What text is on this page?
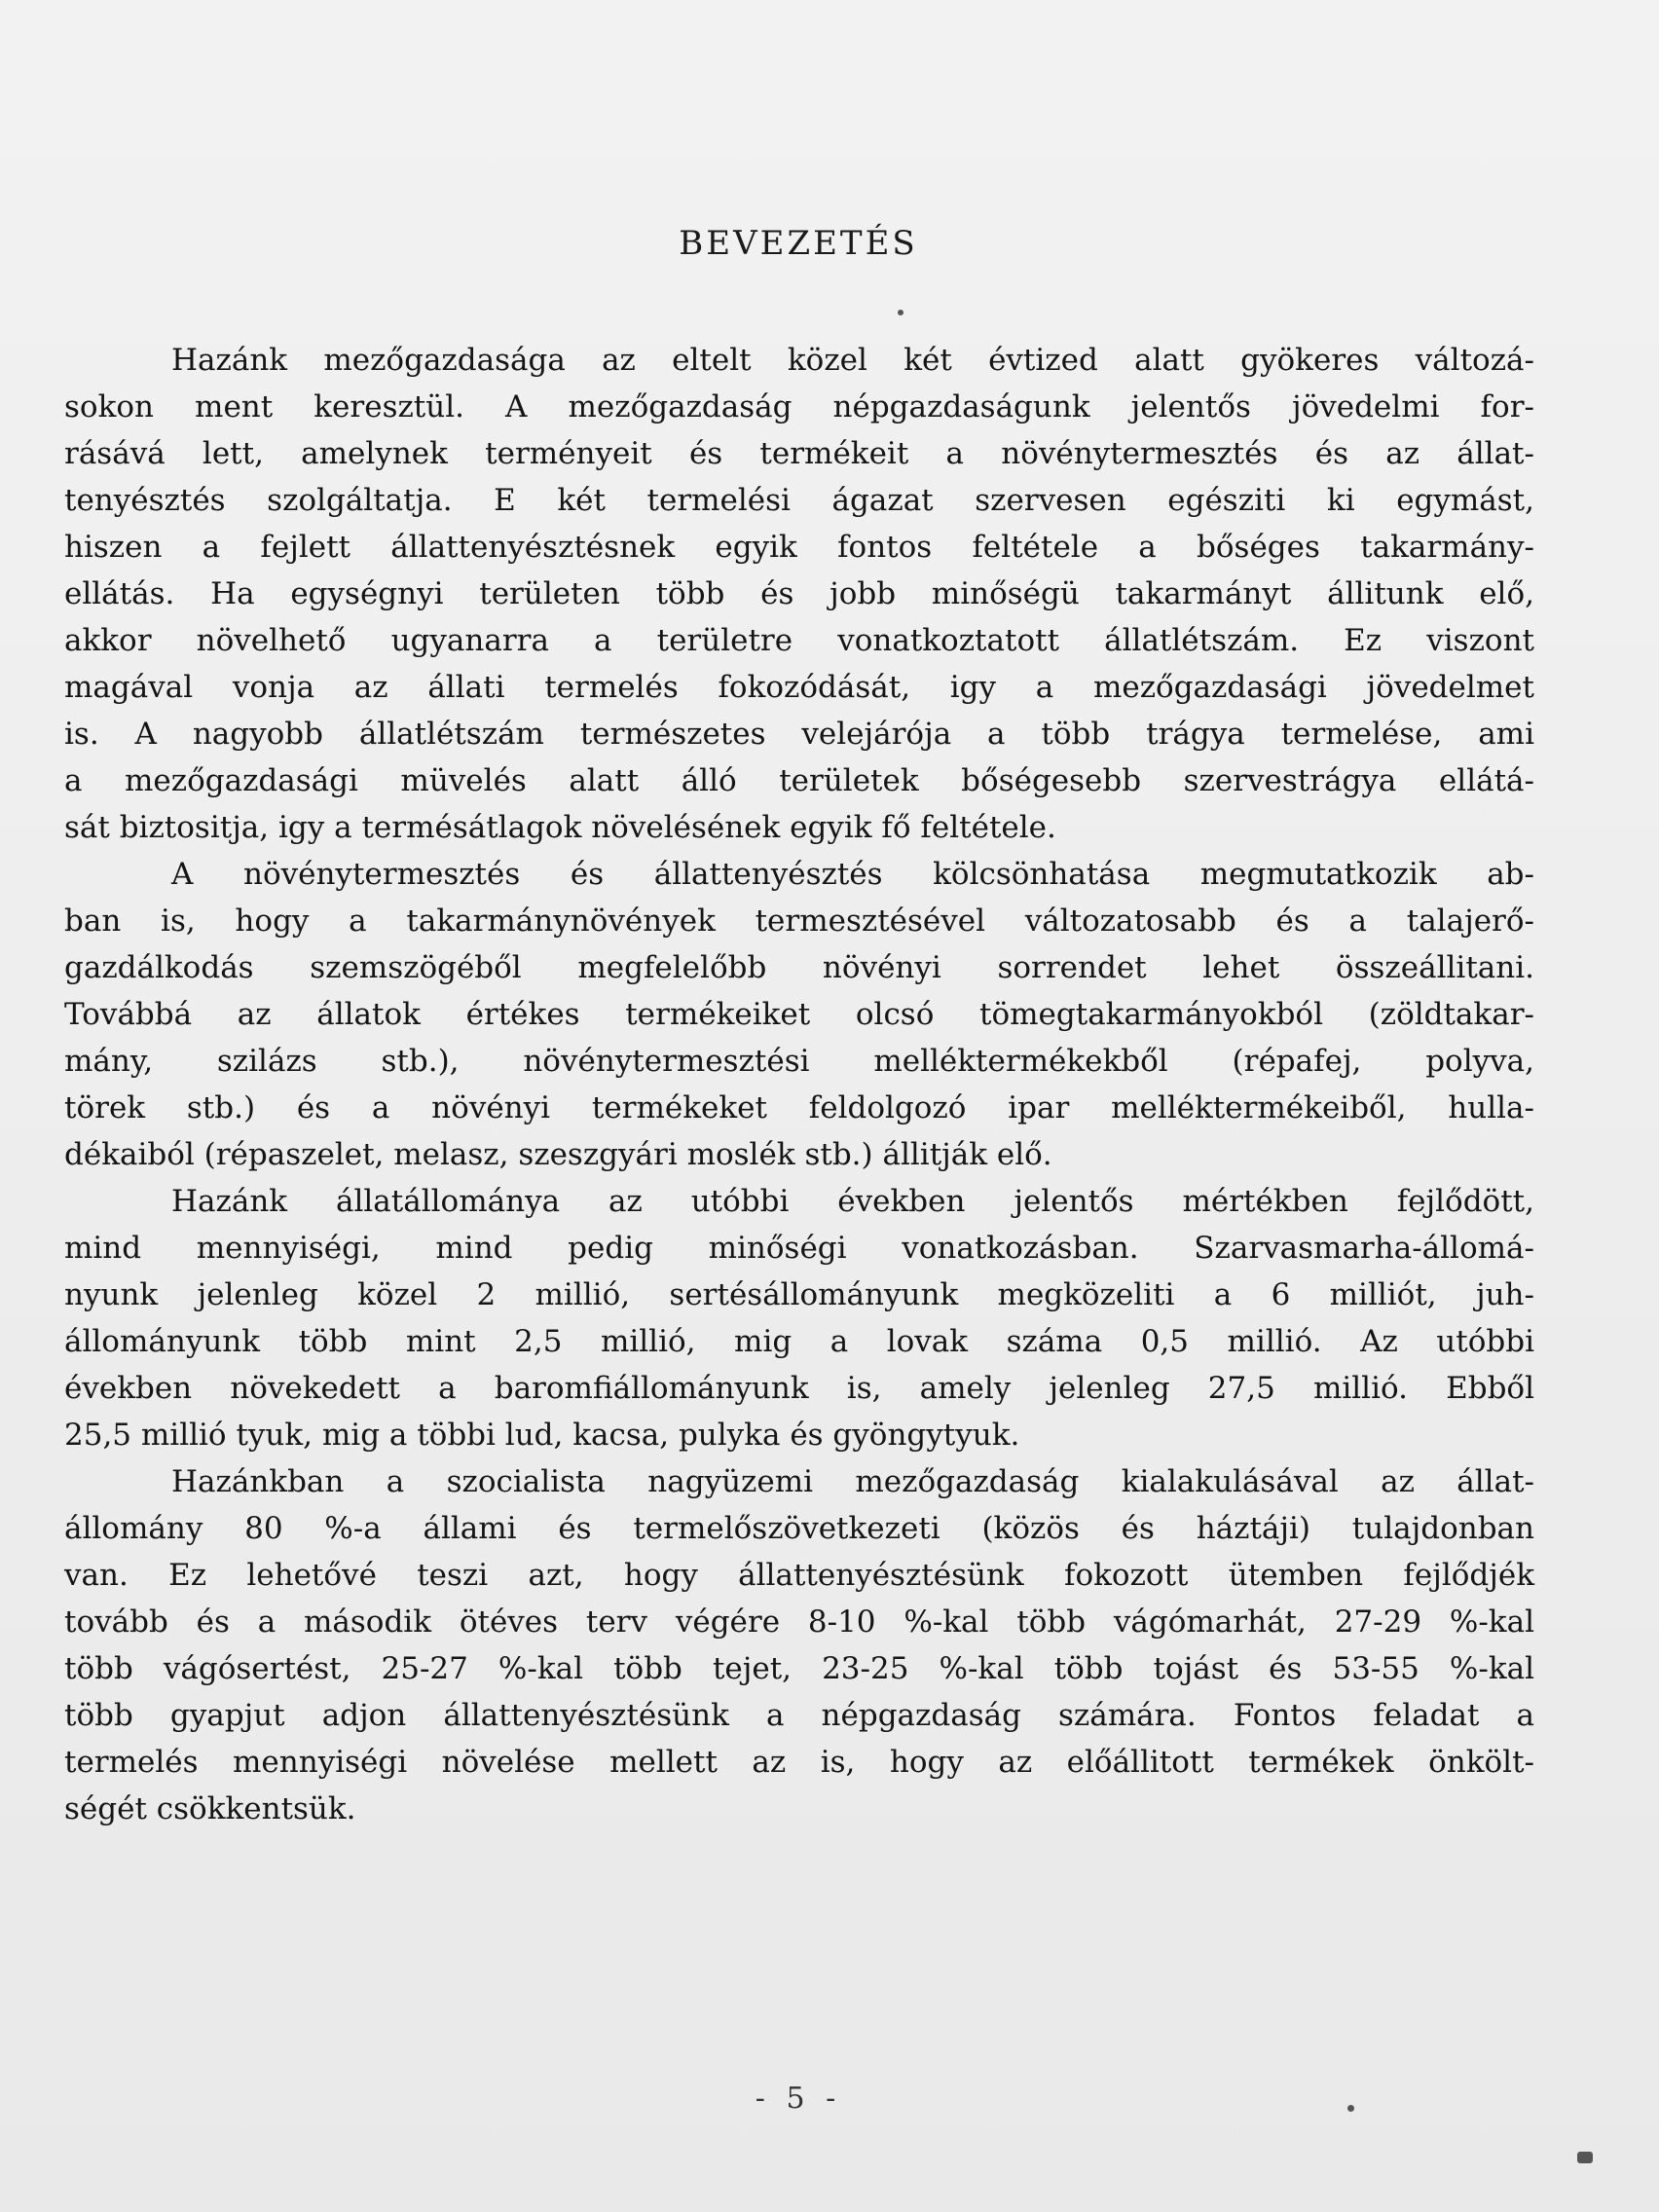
BEVEZETÉS
Hazánk mezőgazdasága az eltelt közel két évtized alatt gyökeres változá-
sokon ment keresztül. A mezőgazdaság népgazdaságunk jelentős jövedelmi for-
rásává lett, amelynek terményeit és termékeit a növénytermesztés és az állat-
tenyésztés szolgáltatja. E két termelési ágazat szervesen egésziti ki egymást,
hiszen a fejlett állattenyésztésnek egyik fontos feltétele a bőséges takarmány-
ellátás. Ha egységnyi területen több és jobb minőségü takarmányt állitunk elő,
akkor növelhető ugyanarra a területre vonatkoztatott állatlétszám. Ez viszont
magával vonja az állati termelés fokozódását, igy a mezőgazdasági jövedelmet
is. A nagyobb állatlétszám természetes velejárója a több trágya termelése, ami
a mezőgazdasági müvelés alatt álló területek bőségesebb szervestrágya ellátá-
sát biztositja, igy a termésátlagok növelésének egyik fő feltétele.
A növénytermesztés és állattenyésztés kölcsönhatása megmutatkozik ab-
ban is, hogy a takarmánynövények termesztésével változatosabb és a talajerő-
gazdálkodás szemszögéből megfelelőbb növényi sorrendet lehet összeállitani.
Továbbá az állatok értékes termékeiket olcsó tömegtakarmányokból (zöldtakar-
mány, szilázs stb.), növénytermesztési melléktermékekből (répafej, polyva,
törek stb.) és a növényi termékeket feldolgozó ipar melléktermékeiből, hulla-
dékaiból (répaszelet, melasz, szeszgyári moslék stb.) állitják elő.
Hazánk állatállománya az utóbbi években jelentős mértékben fejlődött,
mind mennyiségi, mind pedig minőségi vonatkozásban. Szarvasmarha-állomá-
nyunk jelenleg közel 2 millió, sertésállományunk megközeliti a 6 milliót, juh-
állományunk több mint 2,5 millió, mig a lovak száma 0,5 millió. Az utóbbi
években növekedett a baromfiállományunk is, amely jelenleg 27,5 millió. Ebből
25,5 millió tyuk, mig a többi lud, kacsa, pulyka és gyöngytyuk.
Hazánkban a szocialista nagyüzemi mezőgazdaság kialakulásával az állat-
állomány 80 %-a állami és termelőszövetkezeti (közös és háztáji) tulajdonban
van. Ez lehetővé teszi azt, hogy állattenyésztésünk fokozott ütemben fejlődjék
tovább és a második ötéves terv végére 8-10 %-kal több vágómarhát, 27-29 %-kal
több vágósertést, 25-27 %-kal több tejet, 23-25 %-kal több tojást és 53-55 %-kal
több gyapjut adjon állattenyésztésünk a népgazdaság számára. Fontos feladat a
termelés mennyiségi növelése mellett az is, hogy az előállitott termékek önkölt-
ségét csökkentsük.
- 5 -
